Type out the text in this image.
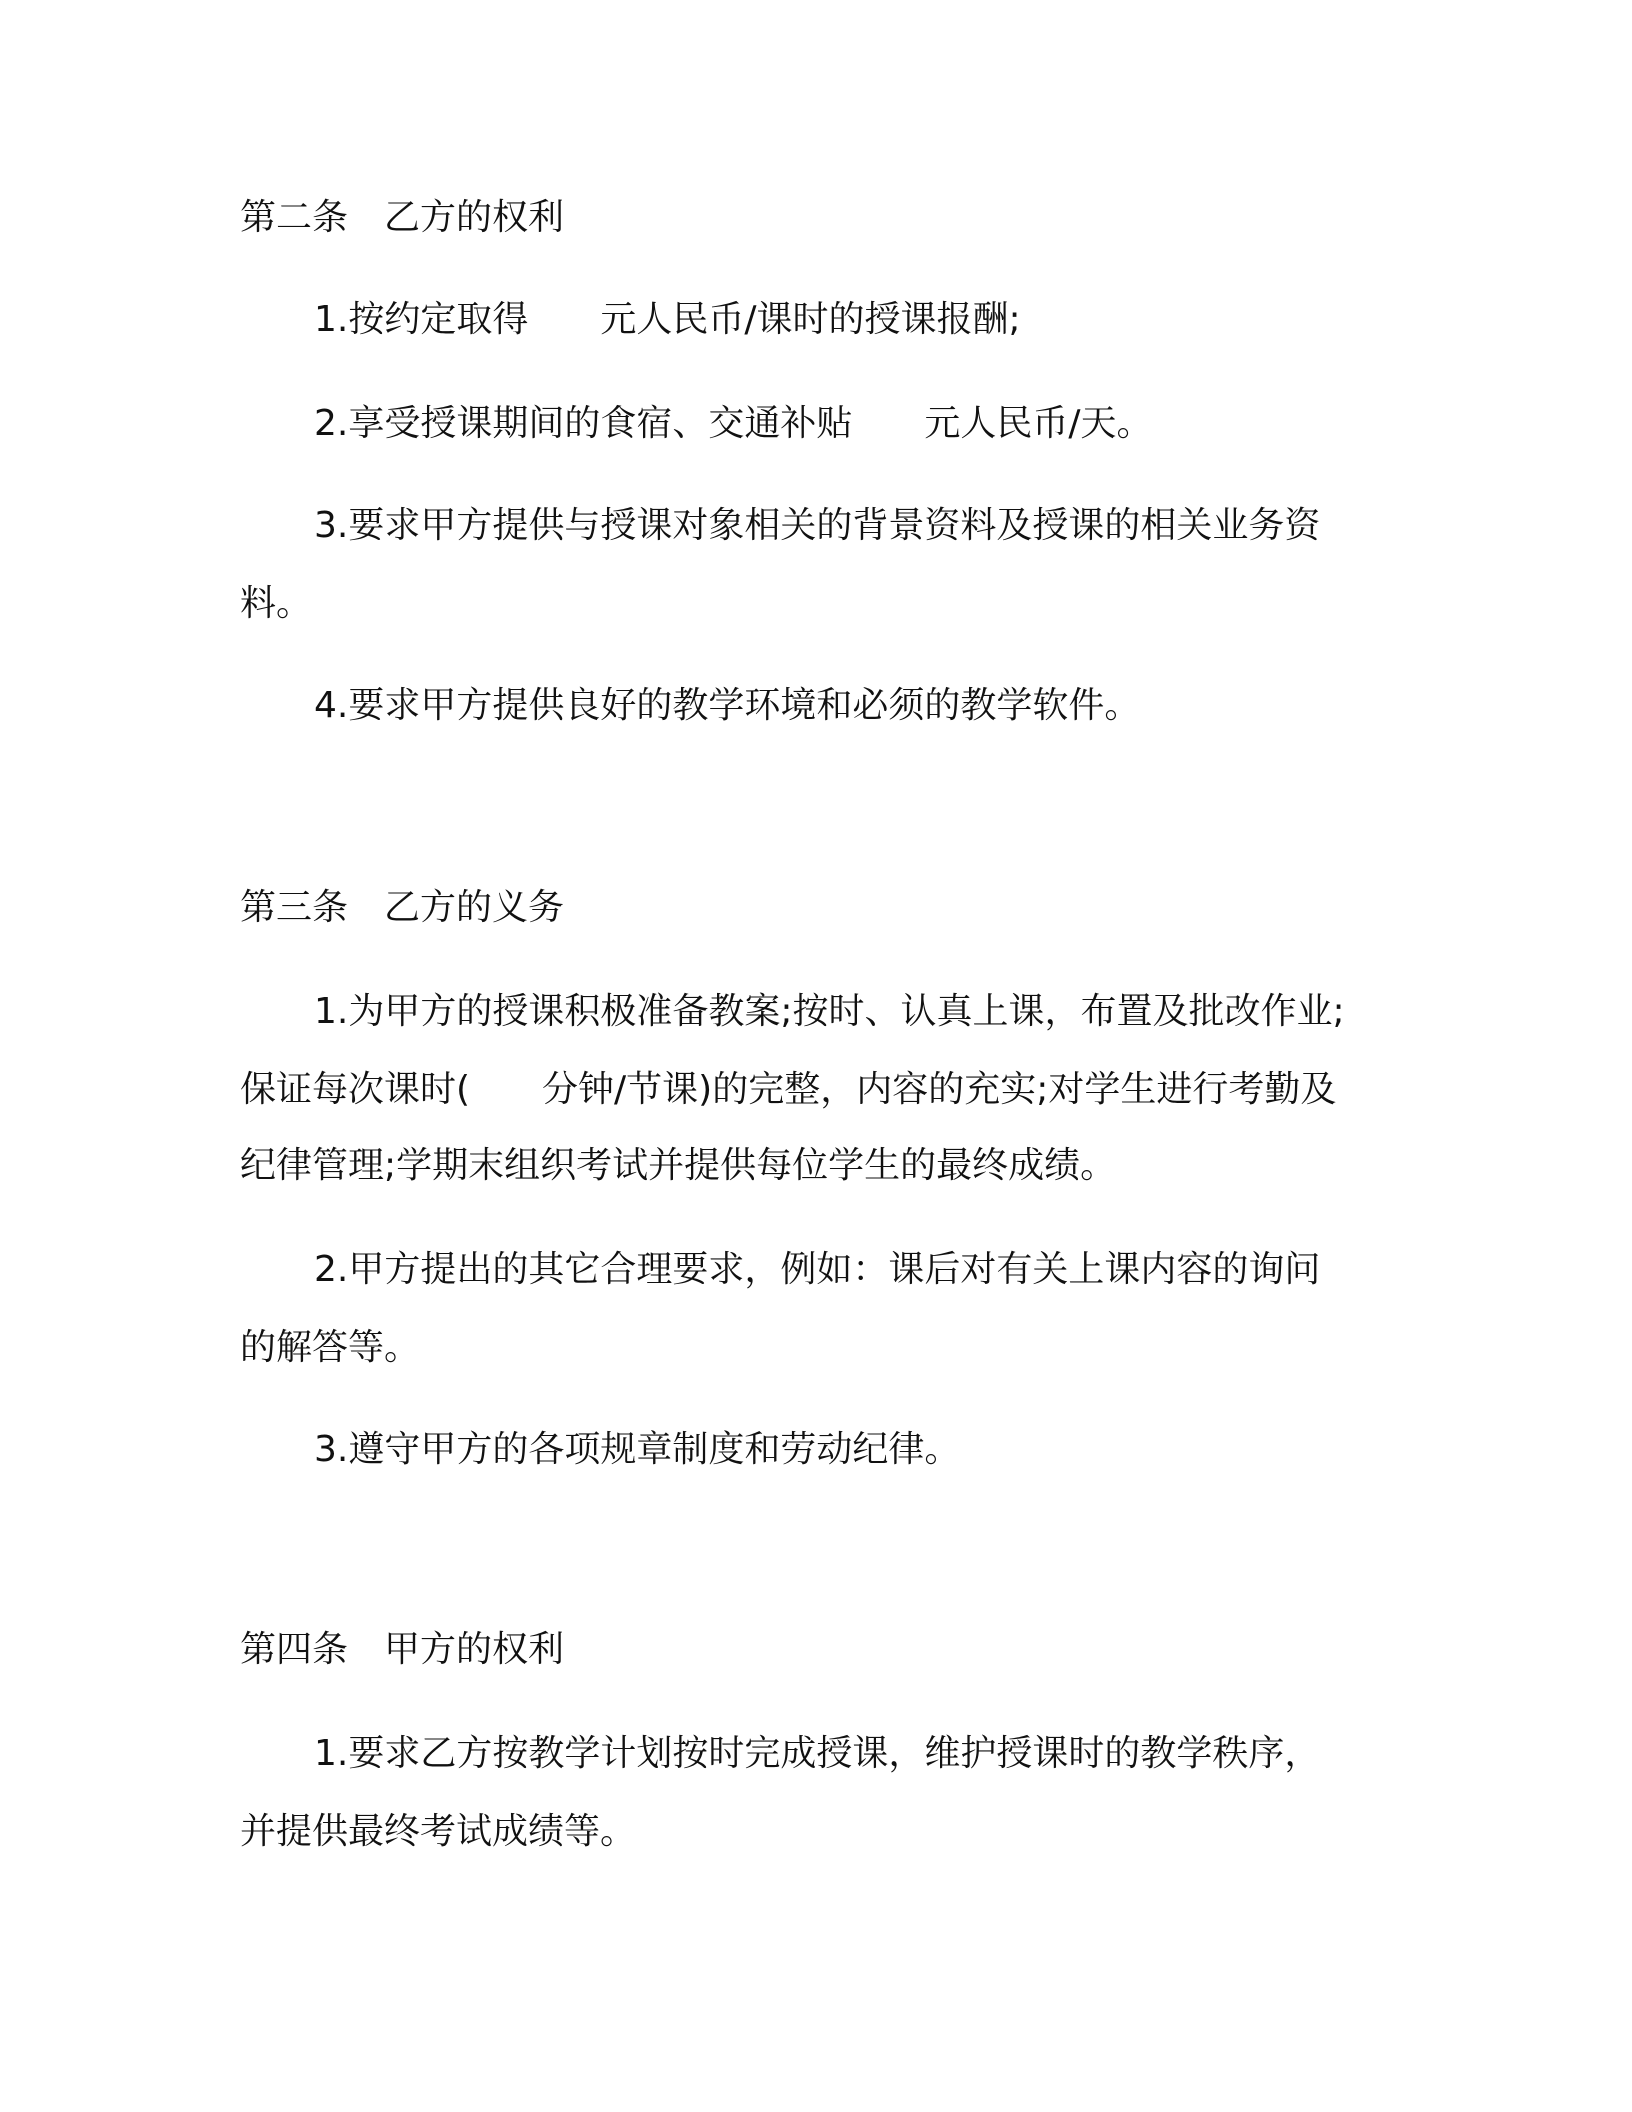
第二条　乙方的权利

1.按约定取得　　元人民币/课时的授课报酬;

2.享受授课期间的食宿、交通补贴　　元人民币/天。

3.要求甲方提供与授课对象相关的背景资料及授课的相关业务资

料。

4.要求甲方提供良好的教学环境和必须的教学软件。

第三条　乙方的义务

1.为甲方的授课积极准备教案;按时、认真上课，布置及批改作业;

保证每次课时(　　分钟/节课)的完整，内容的充实;对学生进行考勤及

纪律管理;学期末组织考试并提供每位学生的最终成绩。

2.甲方提出的其它合理要求，例如：课后对有关上课内容的询问

的解答等。

3.遵守甲方的各项规章制度和劳动纪律。

第四条　甲方的权利

1.要求乙方按教学计划按时完成授课，维护授课时的教学秩序，

并提供最终考试成绩等。
